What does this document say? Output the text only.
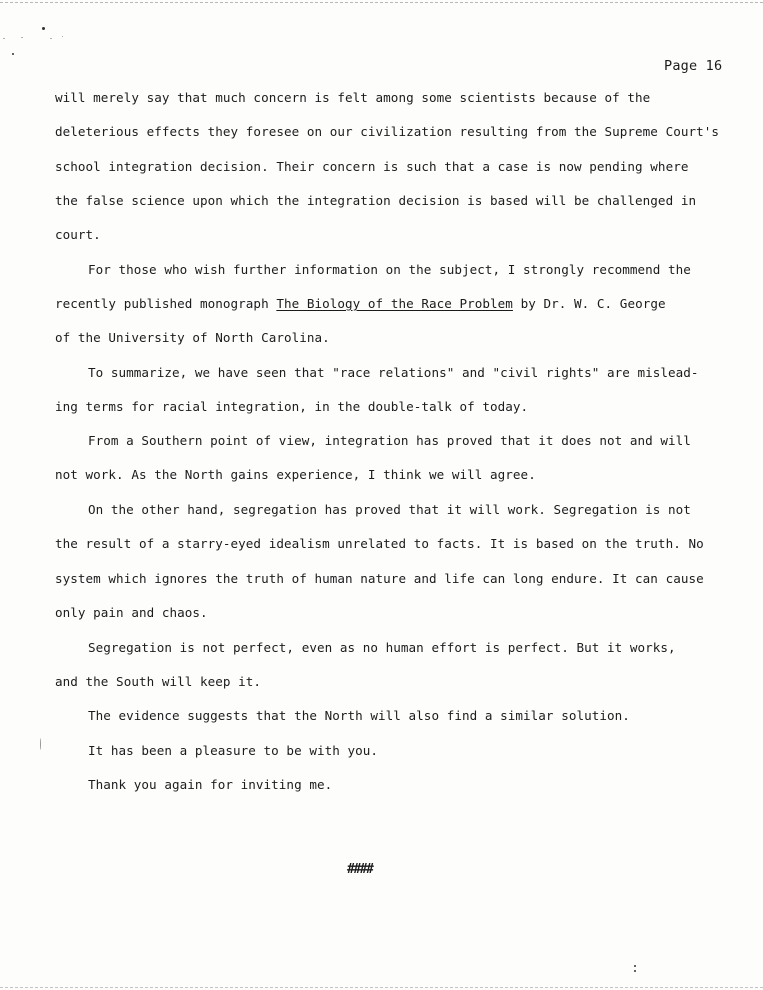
Page 16
will merely say that much concern is felt among some scientists because of the
deleterious effects they foresee on our civilization resulting from the Supreme Court's
school integration decision. Their concern is such that a case is now pending where
the false science upon which the integration decision is based will be challenged in
court.
For those who wish further information on the subject, I strongly recommend the
recently published monograph The Biology of the Race Problem by Dr. W. C. George
of the University of North Carolina.
To summarize, we have seen that "race relations" and "civil rights" are mislead-
ing terms for racial integration, in the double-talk of today.
From a Southern point of view, integration has proved that it does not and will
not work. As the North gains experience, I think we will agree.
On the other hand, segregation has proved that it will work. Segregation is not
the result of a starry-eyed idealism unrelated to facts. It is based on the truth. No
system which ignores the truth of human nature and life can long endure. It can cause
only pain and chaos.
Segregation is not perfect, even as no human effort is perfect. But it works,
and the South will keep it.
The evidence suggests that the North will also find a similar solution.
It has been a pleasure to be with you.
Thank you again for inviting me.
####
